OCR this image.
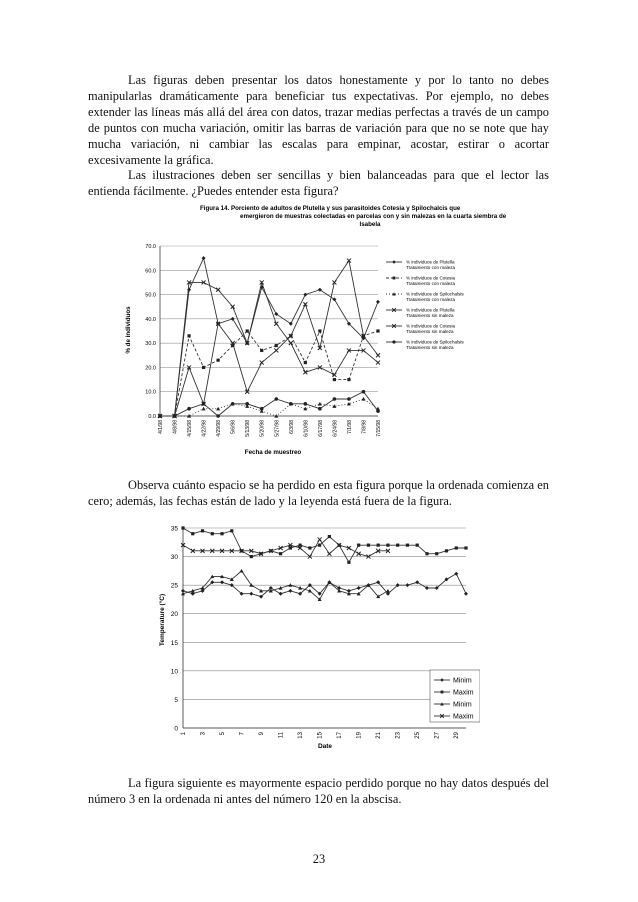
Las figuras deben presentar los datos honestamente y por lo tanto no debes manipularlas dramáticamente para beneficiar tus expectativas. Por ejemplo, no debes extender las líneas más allá del área con datos, trazar medias perfectas a través de un campo de puntos con mucha variación, omitir las barras de variación para que no se note que hay mucha variación, ni cambiar las escalas para empinar, acostar, estirar o acortar excesivamente la gráfica.

Las ilustraciones deben ser sencillas y bien balanceadas para que el lector las entienda fácilmente. ¿Puedes entender esta figura?

Figura 14. Porciento de adultos de Plutella y sus parasitoides Cotesia y Spilochalcis que
emergieron de muestras colectadas en parcelas con y sin malezas en la cuarta siembra de
Isabela
0.0
10.0
20.0
30.0
40.0
50.0
60.0
70.0
4/1/98 4/8/98 4/15/98 4/22/98 4/29/98 5/6/98 5/13/98 5/20/98 5/27/98 6/3/98 6/10/98 6/17/98 6/24/98 7/1/98 7/8/98 7/15/98
% individuos de Plutella Tratamiento con maleza
% individuos de Cotesia Tratamiento con maleza
% individuos de Spilochalsis Tratamiento con maleza
% individuos de Plutella Tratamiento sin maleza
% individuos de Cotesia Tratamiento sin maleza
% individuos de Spilochalsis Tratamiento sin maleza
% de individuos
Fecha de muestreo

Observa cuánto espacio se ha perdido en esta figura porque la ordenada comienza en cero; además, las fechas están de lado y la leyenda está fuera de la figura.

0
5
10
15
20
25
30
35
1 3 5 7 9 11 13 15 17 19 21 23 25 27 29
Minim
Maxim
Minim
Maxim
Temperature (°C)
Date

La figura siguiente es mayormente espacio perdido porque no hay datos después del número 3 en la ordenada ni antes del número 120 en la abscisa.

23
